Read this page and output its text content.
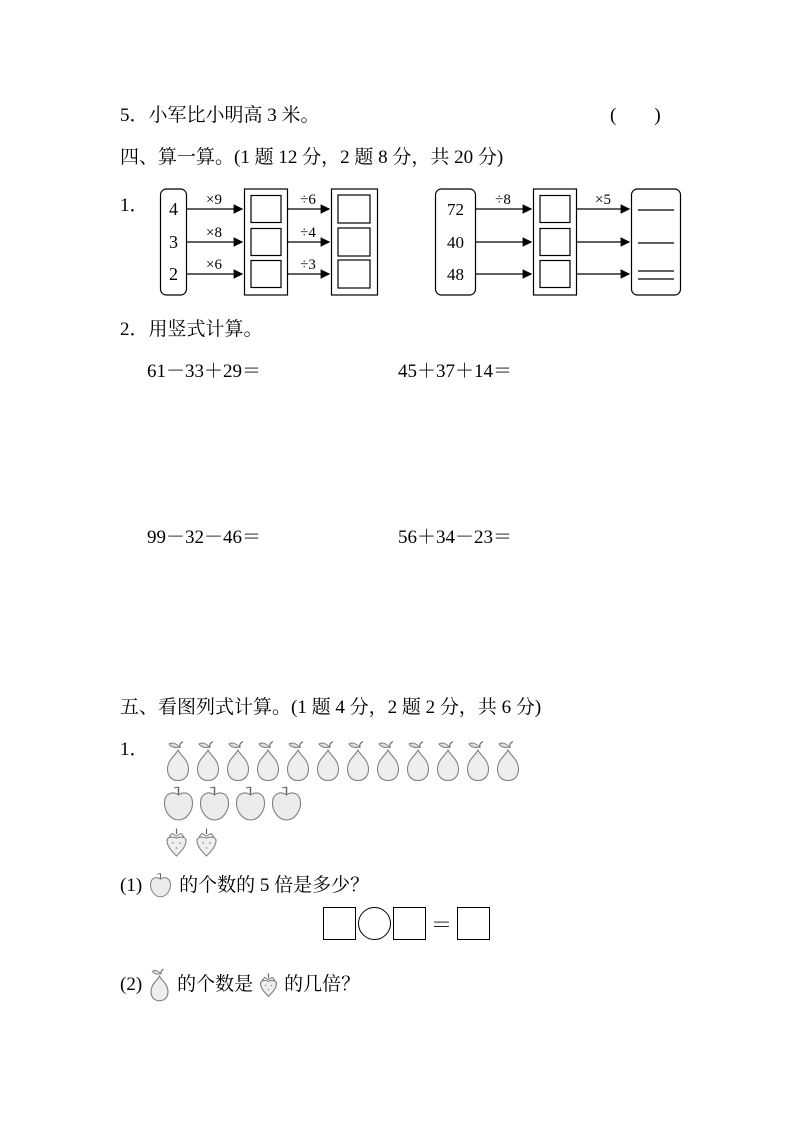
5．小军比小明高 3 米。	(　　)
四、算一算。(1 题 12 分，2 题 8 分，共 20 分)
1． 4
3
2
×9
×8
×6
÷6
÷4
÷3
72
40
48
÷8	×5
2．用竖式计算。
61－33＋29＝	45＋37＋14＝
99－32－46＝	56＋34－23＝
五、看图列式计算。(1 题 4 分，2 题 2 分，共 6 分)
1．
(1) 的个数的 5 倍是多少？
＝
(2) 的个数是 的几倍？
